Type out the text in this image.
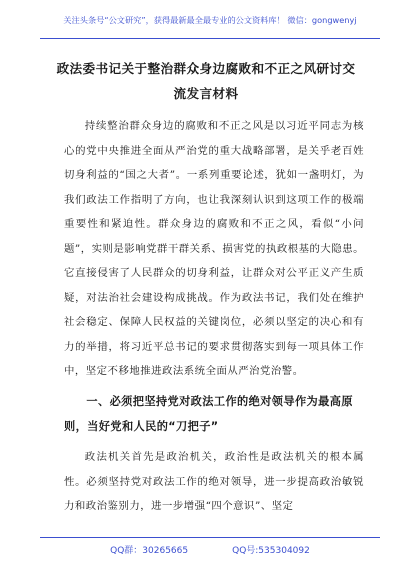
关注头条号“公文研究”，获得最新最全最专业的公文资料库！ 微信：gongwenyj
政法委书记关于整治群众身边腐败和不正之风研讨交流发言材料

持续整治群众身边的腐败和不正之风是以习近平同志为核心的党中央推进全面从严治党的重大战略部署，是关乎老百姓切身利益的“国之大者”。一系列重要论述，犹如一盏明灯，为我们政法工作指明了方向，也让我深刻认识到这项工作的极端重要性和紧迫性。群众身边的腐败和不正之风，看似“小问题”，实则是影响党群干群关系、损害党的执政根基的大隐患。它直接侵害了人民群众的切身利益，让群众对公平正义产生质疑，对法治社会建设构成挑战。作为政法书记，我们处在维护社会稳定、保障人民权益的关键岗位，必须以坚定的决心和有力的举措，将习近平总书记的要求贯彻落实到每一项具体工作中，坚定不移地推进政法系统全面从严治党治警。

一、必须把坚持党对政法工作的绝对领导作为最高原则，当好党和人民的“刀把子”

政法机关首先是政治机关，政治性是政法机关的根本属性。必须坚持党对政法工作的绝对领导，进一步提高政治敏锐力和政治鉴别力，进一步增强“四个意识”、坚定

QQ群：30265665	QQ号:535304092
